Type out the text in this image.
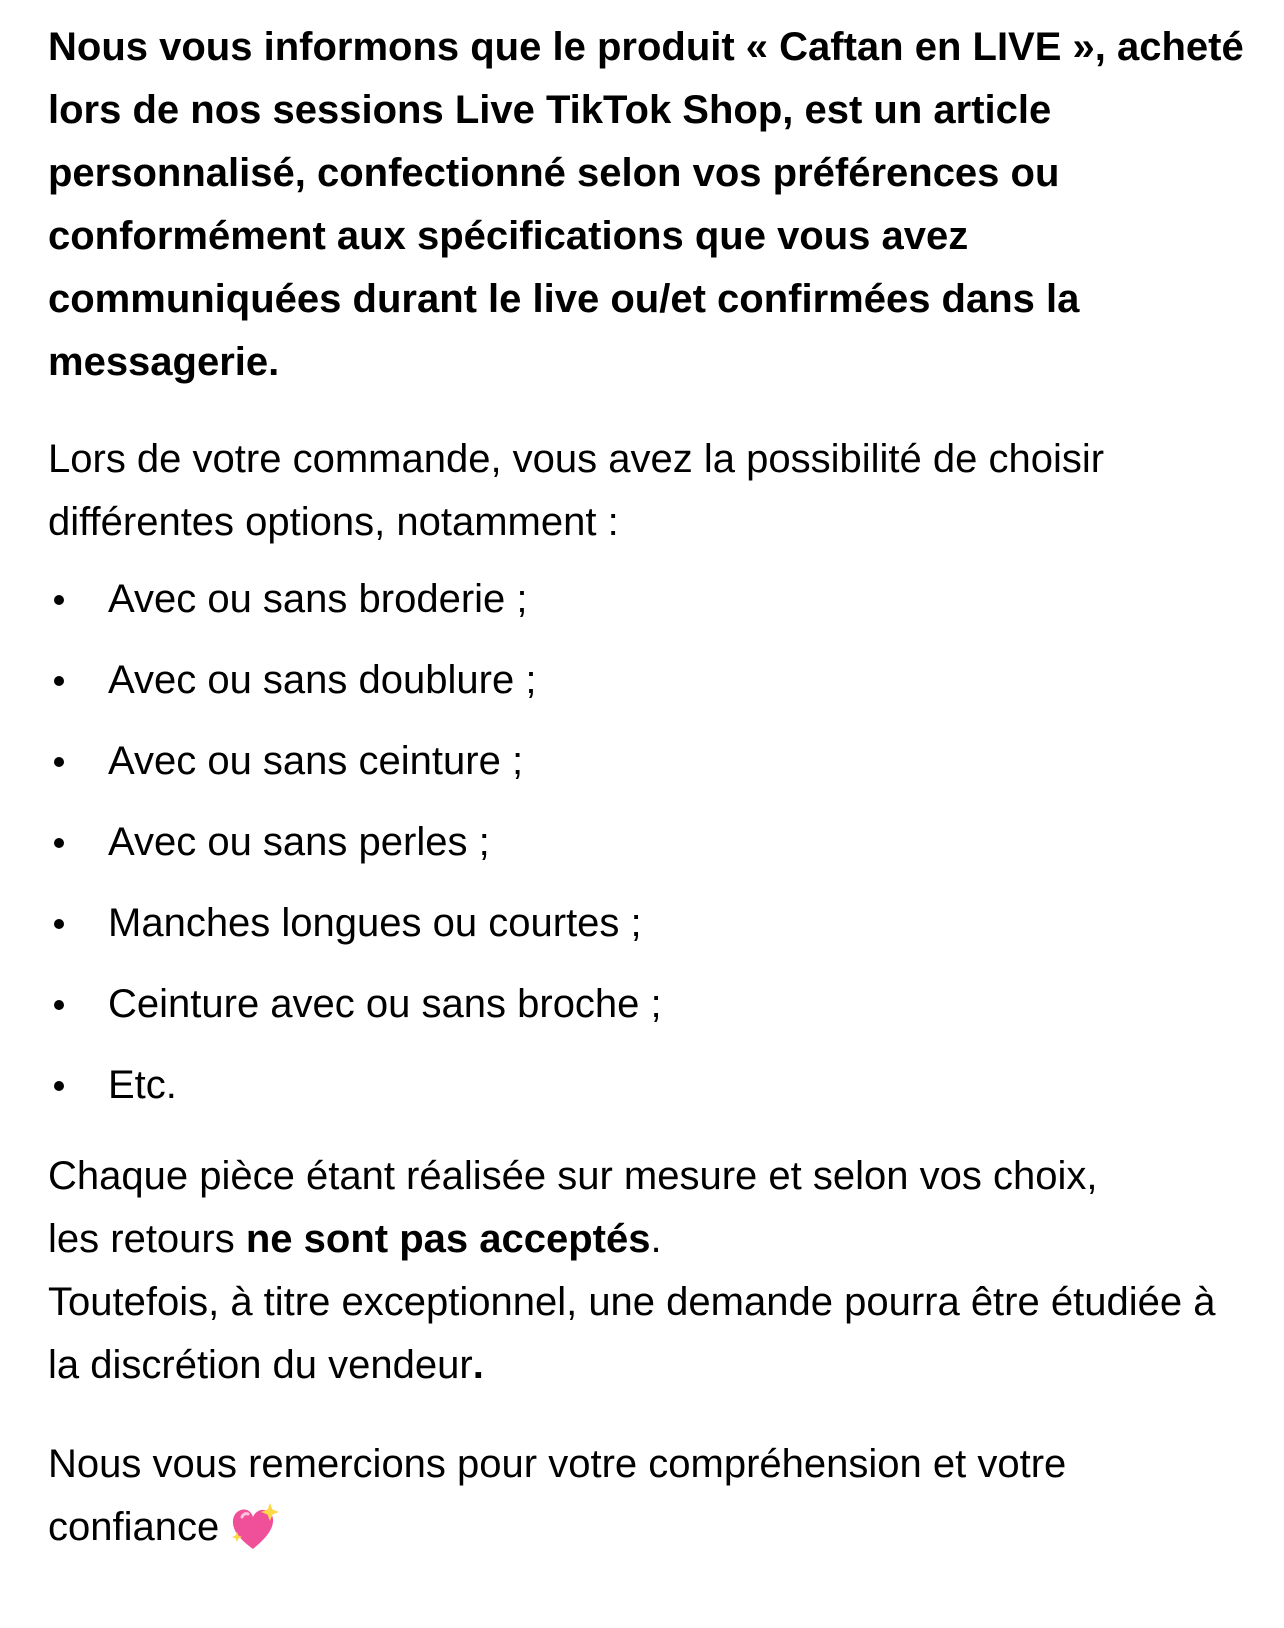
Nous vous informons que le produit « Caftan en LIVE », acheté lors de nos sessions Live TikTok Shop, est un article personnalisé, confectionné selon vos préférences ou conformément aux spécifications que vous avez communiquées durant le live ou/et confirmées dans la messagerie.

Lors de votre commande, vous avez la possibilité de choisir différentes options, notamment :

Avec ou sans broderie ;
Avec ou sans doublure ;
Avec ou sans ceinture ;
Avec ou sans perles ;
Manches longues ou courtes ;
Ceinture avec ou sans broche ;
Etc.

Chaque pièce étant réalisée sur mesure et selon vos choix,
les retours ne sont pas acceptés.
Toutefois, à titre exceptionnel, une demande pourra être étudiée à la discrétion du vendeur.

Nous vous remercions pour votre compréhension et votre confiance
